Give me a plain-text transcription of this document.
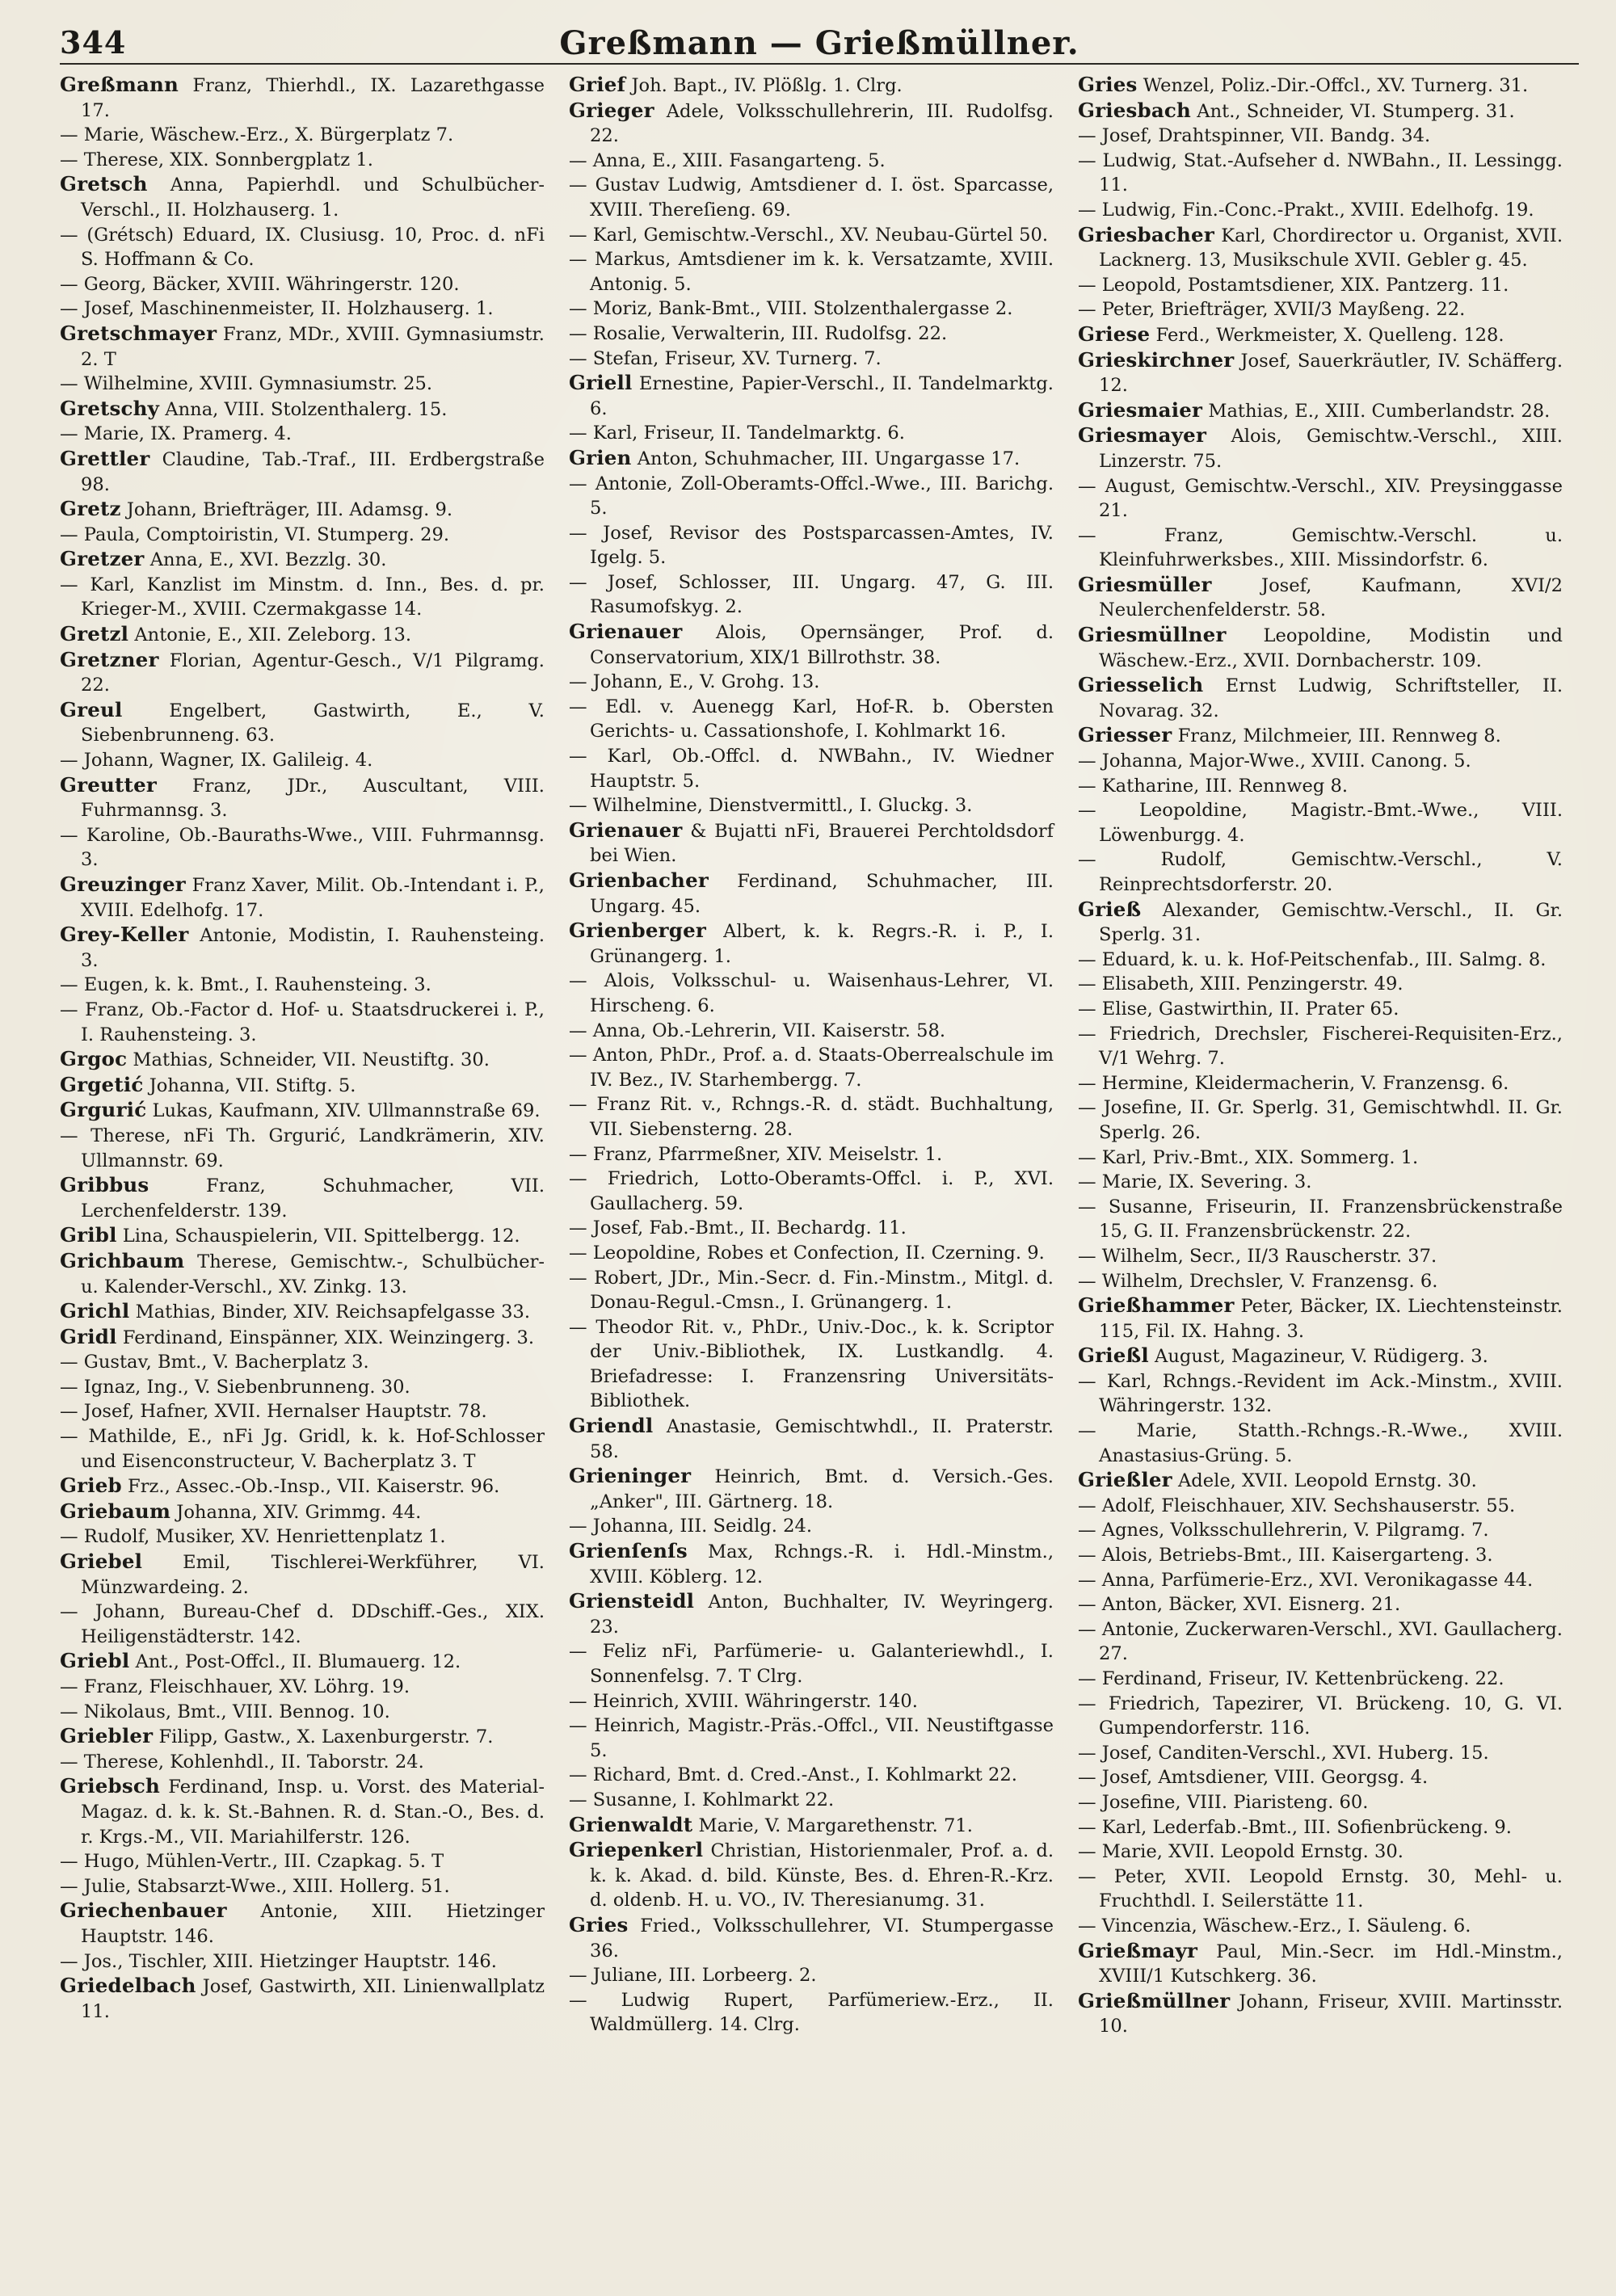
344	Greßmann — Grießmüllner.

Greßmann Franz, Thierhdl., IX. Lazarethgasse 17.

— Marie, Wäschew.-Erz., X. Bürgerplatz 7.

— Therese, XIX. Sonnbergplatz 1.

Gretsch Anna, Papierhdl. und Schulbücher-Verschl., II. Holzhauserg. 1.

— (Grétsch) Eduard, IX. Clusiusg. 10, Proc. d. nFi S. Hoffmann & Co.

— Georg, Bäcker, XVIII. Währingerstr. 120.

— Josef, Maschinenmeister, II. Holzhauserg. 1.

Gretschmayer Franz, MDr., XVIII. Gymnasiumstr. 2. T

— Wilhelmine, XVIII. Gymnasiumstr. 25.

Gretschy Anna, VIII. Stolzenthalerg. 15.

— Marie, IX. Pramerg. 4.

Grettler Claudine, Tab.-Traf., III. Erdbergstraße 98.

Gretz Johann, Briefträger, III. Adamsg. 9.

— Paula, Comptoiristin, VI. Stumperg. 29.

Gretzer Anna, E., XVI. Bezzlg. 30.

— Karl, Kanzlist im Minstm. d. Inn., Bes. d. pr. Krieger-M., XVIII. Czermakgasse 14.

Gretzl Antonie, E., XII. Zeleborg. 13.

Gretzner Florian, Agentur-Gesch., V/1 Pilgramg. 22.

Greul	Engelbert, Gastwirth, E., V. Siebenbrunneng. 63.

— Johann, Wagner, IX. Galileig. 4.

Greutter Franz, JDr., Auscultant, VIII. Fuhrmannsg. 3.

— Karoline, Ob.-Bauraths-Wwe., VIII. Fuhrmannsg. 3.

Greuzinger Franz Xaver, Milit. Ob.-Intendant i. P., XVIII. Edelhofg. 17.

Grey-Keller Antonie, Modistin, I. Rauhensteing. 3.

— Eugen, k. k. Bmt., I. Rauhensteing. 3.

— Franz, Ob.-Factor d. Hof- u. Staatsdruckerei i. P., I. Rauhensteing. 3.

Grgoc Mathias, Schneider, VII. Neustiftg. 30.

Grgetić Johanna, VII. Stiftg. 5.

Grgurić Lukas, Kaufmann, XIV. Ullmannstraße 69.

— Therese, nFi Th. Grgurić, Landkrämerin, XIV. Ullmannstr. 69.

Gribbus	Franz, Schuhmacher, VII. Lerchenfelderstr. 139.

Gribl Lina, Schauspielerin, VII. Spittelbergg. 12.

Grichbaum Therese, Gemischtw.-, Schulbücher- u. Kalender-Verschl., XV. Zinkg. 13.

Grichl Mathias, Binder, XIV. Reichsapfelgasse 33.

Gridl Ferdinand, Einspänner, XIX. Weinzingerg. 3.

— Gustav, Bmt., V. Bacherplatz 3.

— Ignaz, Ing., V. Siebenbrunneng. 30.

— Josef, Hafner, XVII. Hernalser Hauptstr. 78.

— Mathilde, E., nFi Jg. Gridl, k. k. Hof-Schlosser und Eisenconstructeur, V. Bacherplatz 3. T

Grieb Frz., Assec.-Ob.-Insp., VII. Kaiserstr. 96.

Griebaum Johanna, XIV. Grimmg. 44.

— Rudolf, Musiker, XV. Henriettenplatz 1.

Griebel Emil, Tischlerei-Werkführer, VI. Münzwardeing. 2.

— Johann, Bureau-Chef d. DDschiff.-Ges., XIX. Heiligenstädterstr. 142.

Griebl Ant., Post-Offcl., II. Blumauerg. 12.

— Franz, Fleischhauer, XV. Löhrg. 19.

— Nikolaus, Bmt., VIII. Bennog. 10.

Griebler Filipp, Gastw., X. Laxenburgerstr. 7.

— Therese, Kohlenhdl., II. Taborstr. 24.

Griebsch Ferdinand, Insp. u. Vorst. des Material-Magaz. d. k. k. St.-Bahnen. R. d. Stan.-O., Bes. d. r. Krgs.-M., VII. Mariahilferstr. 126.

— Hugo, Mühlen-Vertr., III. Czapkag. 5. T

— Julie, Stabsarzt-Wwe., XIII. Hollerg. 51.

Griechenbauer Antonie, XIII. Hietzinger Hauptstr. 146.

— Jos., Tischler, XIII. Hietzinger Hauptstr. 146.

Griedelbach Josef, Gastwirth, XII. Linienwallplatz 11.

Grief Joh. Bapt., IV. Plößlg. 1. Clrg.

Grieger Adele, Volksschullehrerin, III. Rudolfsg. 22.

— Anna, E., XIII. Fasangarteng. 5.

— Gustav Ludwig, Amtsdiener d. I. öst. Sparcasse, XVIII. Thereſieng. 69.

— Karl, Gemischtw.-Verschl., XV. Neubau-Gürtel 50.

— Markus, Amtsdiener im k. k. Versatzamte, XVIII. Antonig. 5.

— Moriz, Bank-Bmt., VIII. Stolzenthalergasse 2.

— Rosalie, Verwalterin, III. Rudolfsg. 22.

— Stefan, Friseur, XV. Turnerg. 7.

Griell Ernestine, Papier-Verschl., II. Tandelmarktg. 6.

— Karl, Friseur, II. Tandelmarktg. 6.

Grien Anton, Schuhmacher, III. Ungargasse 17.

— Antonie, Zoll-Oberamts-Offcl.-Wwe., III. Barichg. 5.

— Josef, Revisor des Postsparcassen-Amtes, IV. Igelg. 5.

— Josef, Schlosser, III. Ungarg. 47, G. III. Rasumofskyg. 2.

Grienauer Alois, Opernsänger, Prof. d. Conservatorium, XIX/1 Billrothstr. 38.

— Johann, E., V. Grohg. 13.

— Edl. v. Auenegg Karl, Hof-R. b. Obersten Gerichts- u. Cassationshofe, I. Kohlmarkt 16.

— Karl, Ob.-Offcl. d. NWBahn., IV. Wiedner Hauptstr. 5.

— Wilhelmine, Dienstvermittl., I. Gluckg. 3.

Grienauer & Bujatti nFi, Brauerei Perchtoldsdorf bei Wien.

Grienbacher Ferdinand, Schuhmacher, III. Ungarg. 45.

Grienberger Albert, k. k. Regrs.-R. i. P., I. Grünangerg. 1.

— Alois, Volksschul- u. Waisenhaus-Lehrer, VI. Hirscheng. 6.

— Anna, Ob.-Lehrerin, VII. Kaiserstr. 58.

— Anton, PhDr., Prof. a. d. Staats-Oberrealschule im IV. Bez., IV. Starhembergg. 7.

— Franz Rit. v., Rchngs.-R. d. städt. Buchhaltung, VII. Siebensterng. 28.

— Franz, Pfarrmeßner, XIV. Meiselstr. 1.

— Friedrich, Lotto-Oberamts-Offcl. i. P., XVI. Gaullacherg. 59.

— Josef, Fab.-Bmt., II. Bechardg. 11.

— Leopoldine, Robes et Confection, II. Czerning. 9.

— Robert, JDr., Min.-Secr. d. Fin.-Minstm., Mitgl. d. Donau-Regul.-Cmsn., I. Grünangerg. 1.

— Theodor Rit. v., PhDr., Univ.-Doc., k. k. Scriptor der Univ.-Bibliothek, IX. Lustkandlg. 4. Briefadresse: I. Franzensring Universitäts-Bibliothek.

Griendl Anastasie, Gemischtwhdl., II. Praterstr. 58.

Grieninger Heinrich, Bmt. d. Versich.-Ges. „Anker", III. Gärtnerg. 18.

— Johanna, III. Seidlg. 24.

Grienſenſs Max, Rchngs.-R. i. Hdl.-Minstm., XVIII. Köblerg. 12.

Griensteidl Anton, Buchhalter, IV. Weyringerg. 23.

— Feliz nFi, Parfümerie- u. Galanteriewhdl., I. Sonnenfelsg. 7. T Clrg.

— Heinrich, XVIII. Währingerstr. 140.

— Heinrich, Magistr.-Präs.-Offcl., VII. Neustiftgasse 5.

— Richard, Bmt. d. Cred.-Anst., I. Kohlmarkt 22.

— Susanne, I. Kohlmarkt 22.

Grienwaldt Marie, V. Margarethenstr. 71.

Griepenkerl Christian, Historienmaler, Prof. a. d. k. k. Akad. d. bild. Künste, Bes. d. Ehren-R.-Krz. d. oldenb. H. u. VO., IV. Theresianumg. 31.

Gries Fried., Volksschullehrer, VI. Stumpergasse 36.

— Juliane, III. Lorbeerg. 2.

— Ludwig Rupert, Parfümeriew.-Erz., II. Waldmüllerg. 14. Clrg.

Gries Wenzel, Poliz.-Dir.-Offcl., XV. Turnerg. 31.

Griesbach Ant., Schneider, VI. Stumperg. 31.

— Josef, Drahtspinner, VII. Bandg. 34.

— Ludwig, Stat.-Aufseher d. NWBahn., II. Lessingg. 11.

— Ludwig, Fin.-Conc.-Prakt., XVIII. Edelhofg. 19.

Griesbacher Karl, Chordirector u. Organist, XVII. Lacknerg. 13, Musikschule XVII. Gebler g. 45.

— Leopold, Postamtsdiener, XIX. Pantzerg. 11.

— Peter, Briefträger, XVII/3 Mayßeng. 22.

Griese Ferd., Werkmeister, X. Quelleng. 128.

Grieskirchner Josef, Sauerkräutler, IV. Schäfferg. 12.

Griesmaier Mathias, E., XIII. Cumberlandstr. 28.

Griesmayer Alois, Gemischtw.-Verschl., XIII. Linzerstr. 75.

— August, Gemischtw.-Verschl., XIV. Preysinggasse 21.

— Franz, Gemischtw.-Verschl. u. Kleinfuhrwerksbes., XIII. Missindorfstr. 6.

Griesmüller	Josef, Kaufmann, XVI/2 Neulerchenfelderstr. 58.

Griesmüllner Leopoldine, Modistin und Wäschew.-Erz., XVII. Dornbacherstr. 109.

Griesselich Ernst Ludwig, Schriftsteller, II. Novarag. 32.

Griesser Franz, Milchmeier, III. Rennweg 8.

— Johanna, Major-Wwe., XVIII. Canong. 5.

— Katharine, III. Rennweg 8.

— Leopoldine, Magistr.-Bmt.-Wwe., VIII. Löwenburgg. 4.

— Rudolf, Gemischtw.-Verschl., V. Reinprechtsdorferstr. 20.

Grieß Alexander, Gemischtw.-Verschl., II. Gr. Sperlg. 31.

— Eduard, k. u. k. Hof-Peitschenfab., III. Salmg. 8.

— Elisabeth, XIII. Penzingerstr. 49.

— Elise, Gastwirthin, II. Prater 65.

— Friedrich, Drechsler, Fischerei-Requisiten-Erz., V/1 Wehrg. 7.

— Hermine, Kleidermacherin, V. Franzensg. 6.

— Josefine, II. Gr. Sperlg. 31, Gemischtwhdl. II. Gr. Sperlg. 26.

— Karl, Priv.-Bmt., XIX. Sommerg. 1.

— Marie, IX. Severing. 3.

— Susanne, Friseurin, II. Franzensbrückenstraße 15, G. II. Franzensbrückenstr. 22.

— Wilhelm, Secr., II/3 Rauscherstr. 37.

— Wilhelm, Drechsler, V. Franzensg. 6.

Grießhammer Peter, Bäcker, IX. Liechtensteinstr. 115, Fil. IX. Hahng. 3.

Grießl August, Magazineur, V. Rüdigerg. 3.

— Karl, Rchngs.-Revident im Ack.-Minstm., XVIII. Währingerstr. 132.

— Marie, Statth.-Rchngs.-R.-Wwe., XVIII. Anastasius-Grüng. 5.

Grießler Adele, XVII. Leopold Ernstg. 30.

— Adolf, Fleischhauer, XIV. Sechshauserstr. 55.

— Agnes, Volksschullehrerin, V. Pilgramg. 7.

— Alois, Betriebs-Bmt., III. Kaisergarteng. 3.

— Anna, Parfümerie-Erz., XVI. Veronikagasse 44.

— Anton, Bäcker, XVI. Eisnerg. 21.

— Antonie, Zuckerwaren-Verschl., XVI. Gaullacherg. 27.

— Ferdinand, Friseur, IV. Kettenbrückeng. 22.

— Friedrich, Tapezirer, VI. Brückeng. 10, G. VI. Gumpendorferstr. 116.

— Josef, Canditen-Verschl., XVI. Huberg. 15.

— Josef, Amtsdiener, VIII. Georgsg. 4.

— Josefine, VIII. Piaristeng. 60.

— Karl, Lederfab.-Bmt., III. Sofienbrückeng. 9.

— Marie, XVII. Leopold Ernstg. 30.

— Peter, XVII. Leopold Ernstg. 30, Mehl- u. Fruchthdl. I. Seilerstätte 11.

— Vincenzia, Wäschew.-Erz., I. Säuleng. 6.

Grießmayr Paul, Min.-Secr. im Hdl.-Minstm., XVIII/1 Kutschkerg. 36.

Grießmüllner Johann, Friseur, XVIII. Martinsstr. 10.
